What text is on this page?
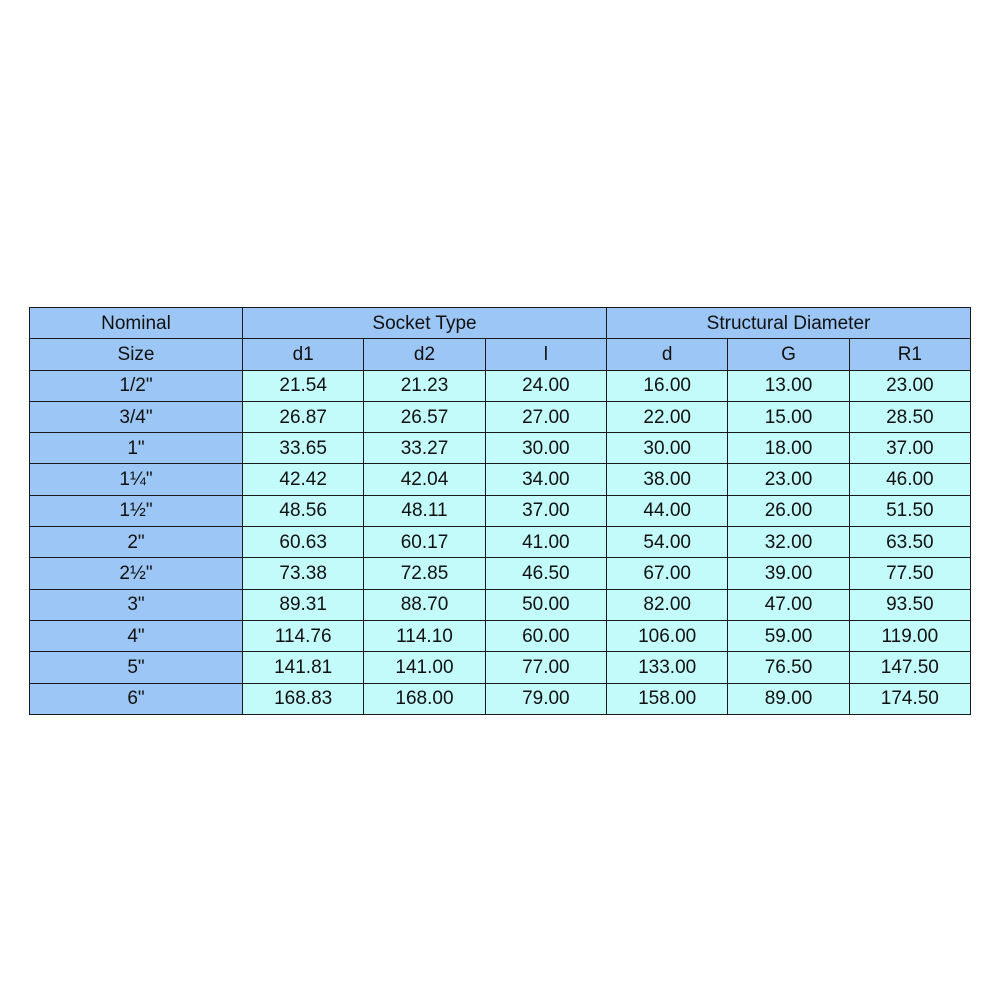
Nominal	Socket Type			Structural Diameter		
Size	d1	d2	l	d	G	R1
1/2"	21.54	21.23	24.00	16.00	13.00	23.00
3/4"	26.87	26.57	27.00	22.00	15.00	28.50
1"	33.65	33.27	30.00	30.00	18.00	37.00
1¼"	42.42	42.04	34.00	38.00	23.00	46.00
1½"	48.56	48.11	37.00	44.00	26.00	51.50
2"	60.63	60.17	41.00	54.00	32.00	63.50
2½"	73.38	72.85	46.50	67.00	39.00	77.50
3"	89.31	88.70	50.00	82.00	47.00	93.50
4"	114.76	114.10	60.00	106.00	59.00	119.00
5"	141.81	141.00	77.00	133.00	76.50	147.50
6"	168.83	168.00	79.00	158.00	89.00	174.50
